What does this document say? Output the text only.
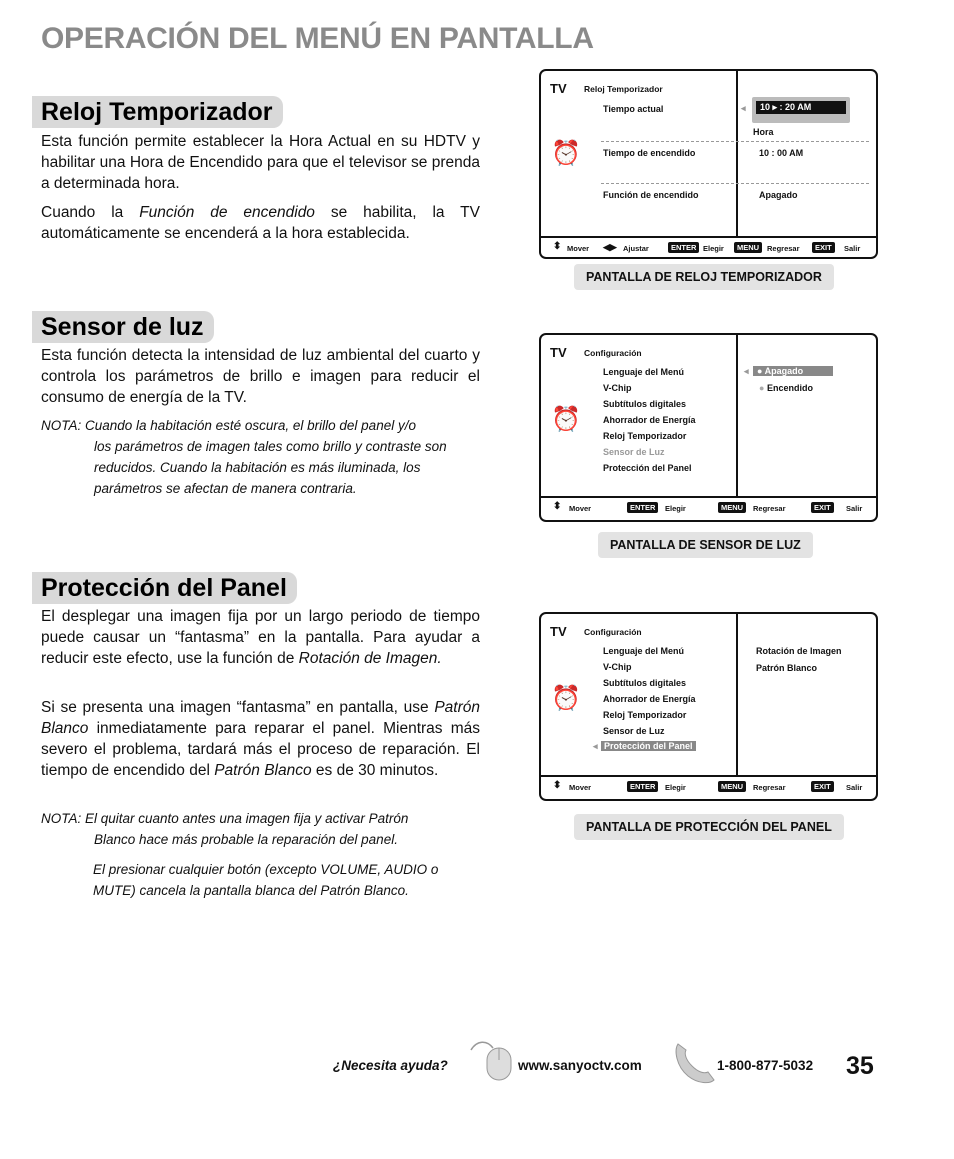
OPERACIÓN DEL MENÚ EN PANTALLA
Reloj Temporizador
Esta función permite establecer la Hora Actual en su HDTV y habilitar una Hora de Encendido para que el televisor se prenda a determinada hora.
Cuando la Función de encendido se habilita, la TV automáticamente se encenderá a la hora establecida.
TV Reloj Temporizador
⏰
Tiempo actual	◂	10 ▸ : 20 AM
Hora
Tiempo de encendido	10 : 00 AM
Función de encendido	Apagado
⬍ Mover ◀▶ Ajustar	ENTER Elegir	MENU	Regresar	EXIT	Salir
PANTALLA DE RELOJ TEMPORIZADOR
Sensor de luz
Esta función detecta la intensidad de luz ambiental del cuarto y controla los parámetros de brillo e imagen para reducir el consumo de energía de la TV.
NOTA: Cuando la habitación esté oscura, el brillo del panel y/o
los parámetros de imagen tales como brillo y contraste son reducidos. Cuando la habitación es más iluminada, los parámetros se afectan de manera contraria.
TV Configuración
⏰
Lenguaje del Menú
V-Chip
Subtítulos digitales
Ahorrador de Energía
Reloj Temporizador
Sensor de Luz
Protección del Panel
◂ ● Apagado
● Encendido
⬍ Mover	ENTER	Elegir	MENU	Regresar	EXIT	Salir
PANTALLA DE SENSOR DE LUZ
Protección del Panel
El desplegar una imagen fija por un largo periodo de tiempo puede causar un “fantasma” en la pantalla. Para ayudar a reducir este efecto, use la función de Rotación de Imagen.
Si se presenta una imagen “fantasma” en pantalla, use Patrón Blanco inmediatamente para reparar el panel. Mientras más severo el problema, tardará más el proceso de reparación. El tiempo de encendido del Patrón Blanco es de 30 minutos.
NOTA: El quitar cuanto antes una imagen fija y activar Patrón
Blanco hace más probable la reparación del panel.
El presionar cualquier botón (excepto VOLUME, AUDIO o MUTE) cancela la pantalla blanca del Patrón Blanco.
TV Configuración
⏰
Lenguaje del Menú
V-Chip
Subtítulos digitales
Ahorrador de Energía
Reloj Temporizador
Sensor de Luz
◂ Protección del Panel
Rotación de Imagen
Patrón Blanco
⬍ Mover	ENTER	Elegir	MENU	Regresar	EXIT	Salir
PANTALLA DE PROTECCIÓN DEL PANEL
¿Necesita ayuda?	www.sanyoctv.com	1-800-877-5032 35
